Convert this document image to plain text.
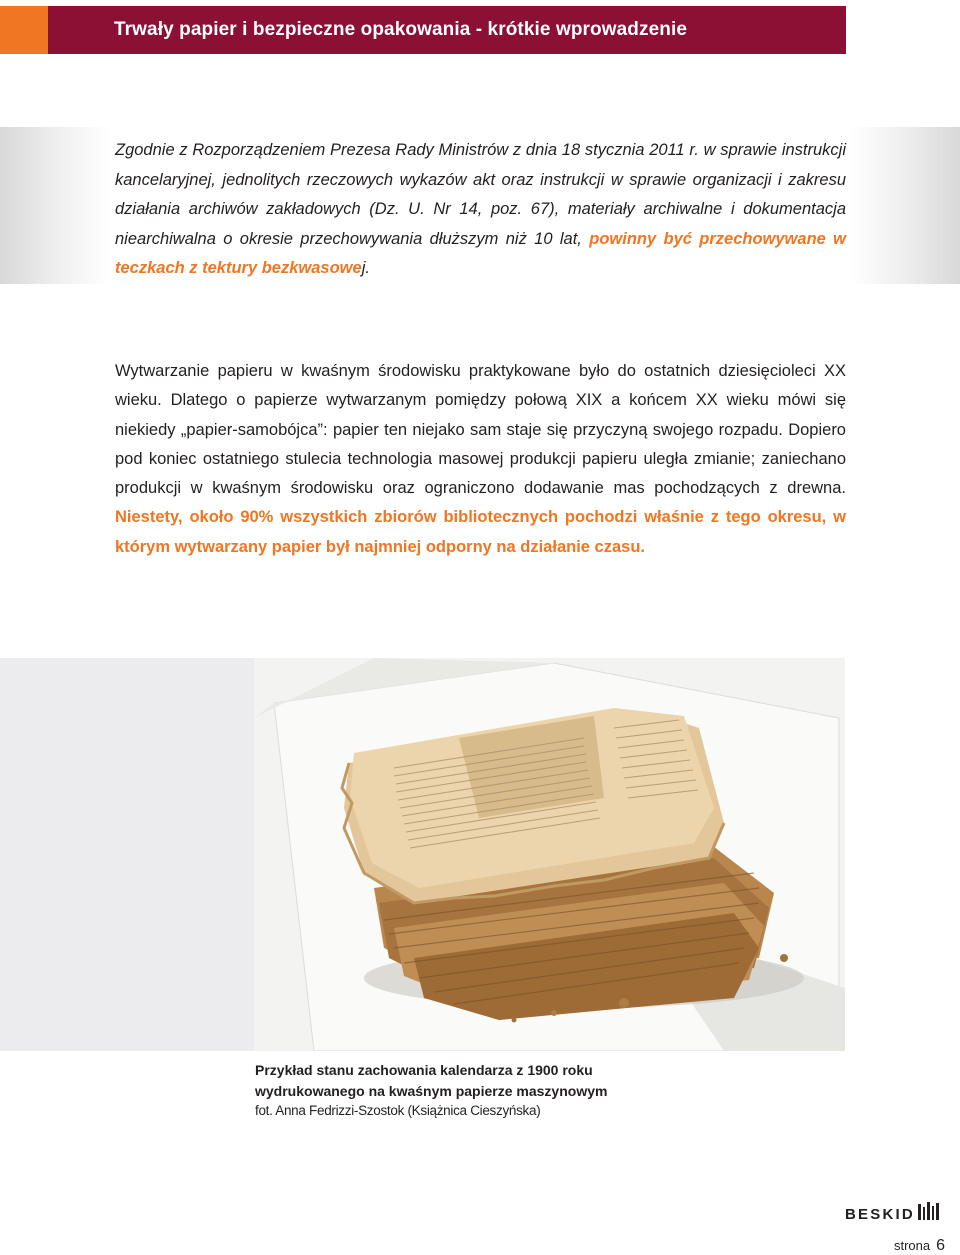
Trwały papier i bezpieczne opakowania - krótkie wprowadzenie

Zgodnie z Rozporządzeniem Prezesa Rady Ministrów z dnia 18 stycznia 2011 r. w sprawie instrukcji kancelaryjnej, jednolitych rzeczowych wykazów akt oraz instrukcji w sprawie organizacji i zakresu działania archiwów zakładowych (Dz. U. Nr 14, poz. 67), materiały archiwalne i dokumentacja niearchiwalna o okresie przechowywania dłuższym niż 10 lat, powinny być przechowywane w teczkach z tektury bezkwasowej.

Wytwarzanie papieru w kwaśnym środowisku praktykowane było do ostatnich dziesięcioleci XX wieku. Dlatego o papierze wytwarzanym pomiędzy połową XIX a końcem XX wieku mówi się niekiedy „papier-samobójca”: papier ten niejako sam staje się przyczyną swojego rozpadu. Dopiero pod koniec ostatniego stulecia technologia masowej produkcji papieru uległa zmianie; zaniechano produkcji w kwaśnym środowisku oraz ograniczono dodawanie mas pochodzących z drewna. Niestety, około 90% wszystkich zbiorów bibliotecznych pochodzi właśnie z tego okresu, w którym wytwarzany papier był najmniej odporny na działanie czasu.

Przykład stanu zachowania kalendarza z 1900 roku

wydrukowanego na kwaśnym papierze maszynowym

fot. Anna Fedrizzi-Szostok (Książnica Cieszyńska)

BESKID
strona 6
